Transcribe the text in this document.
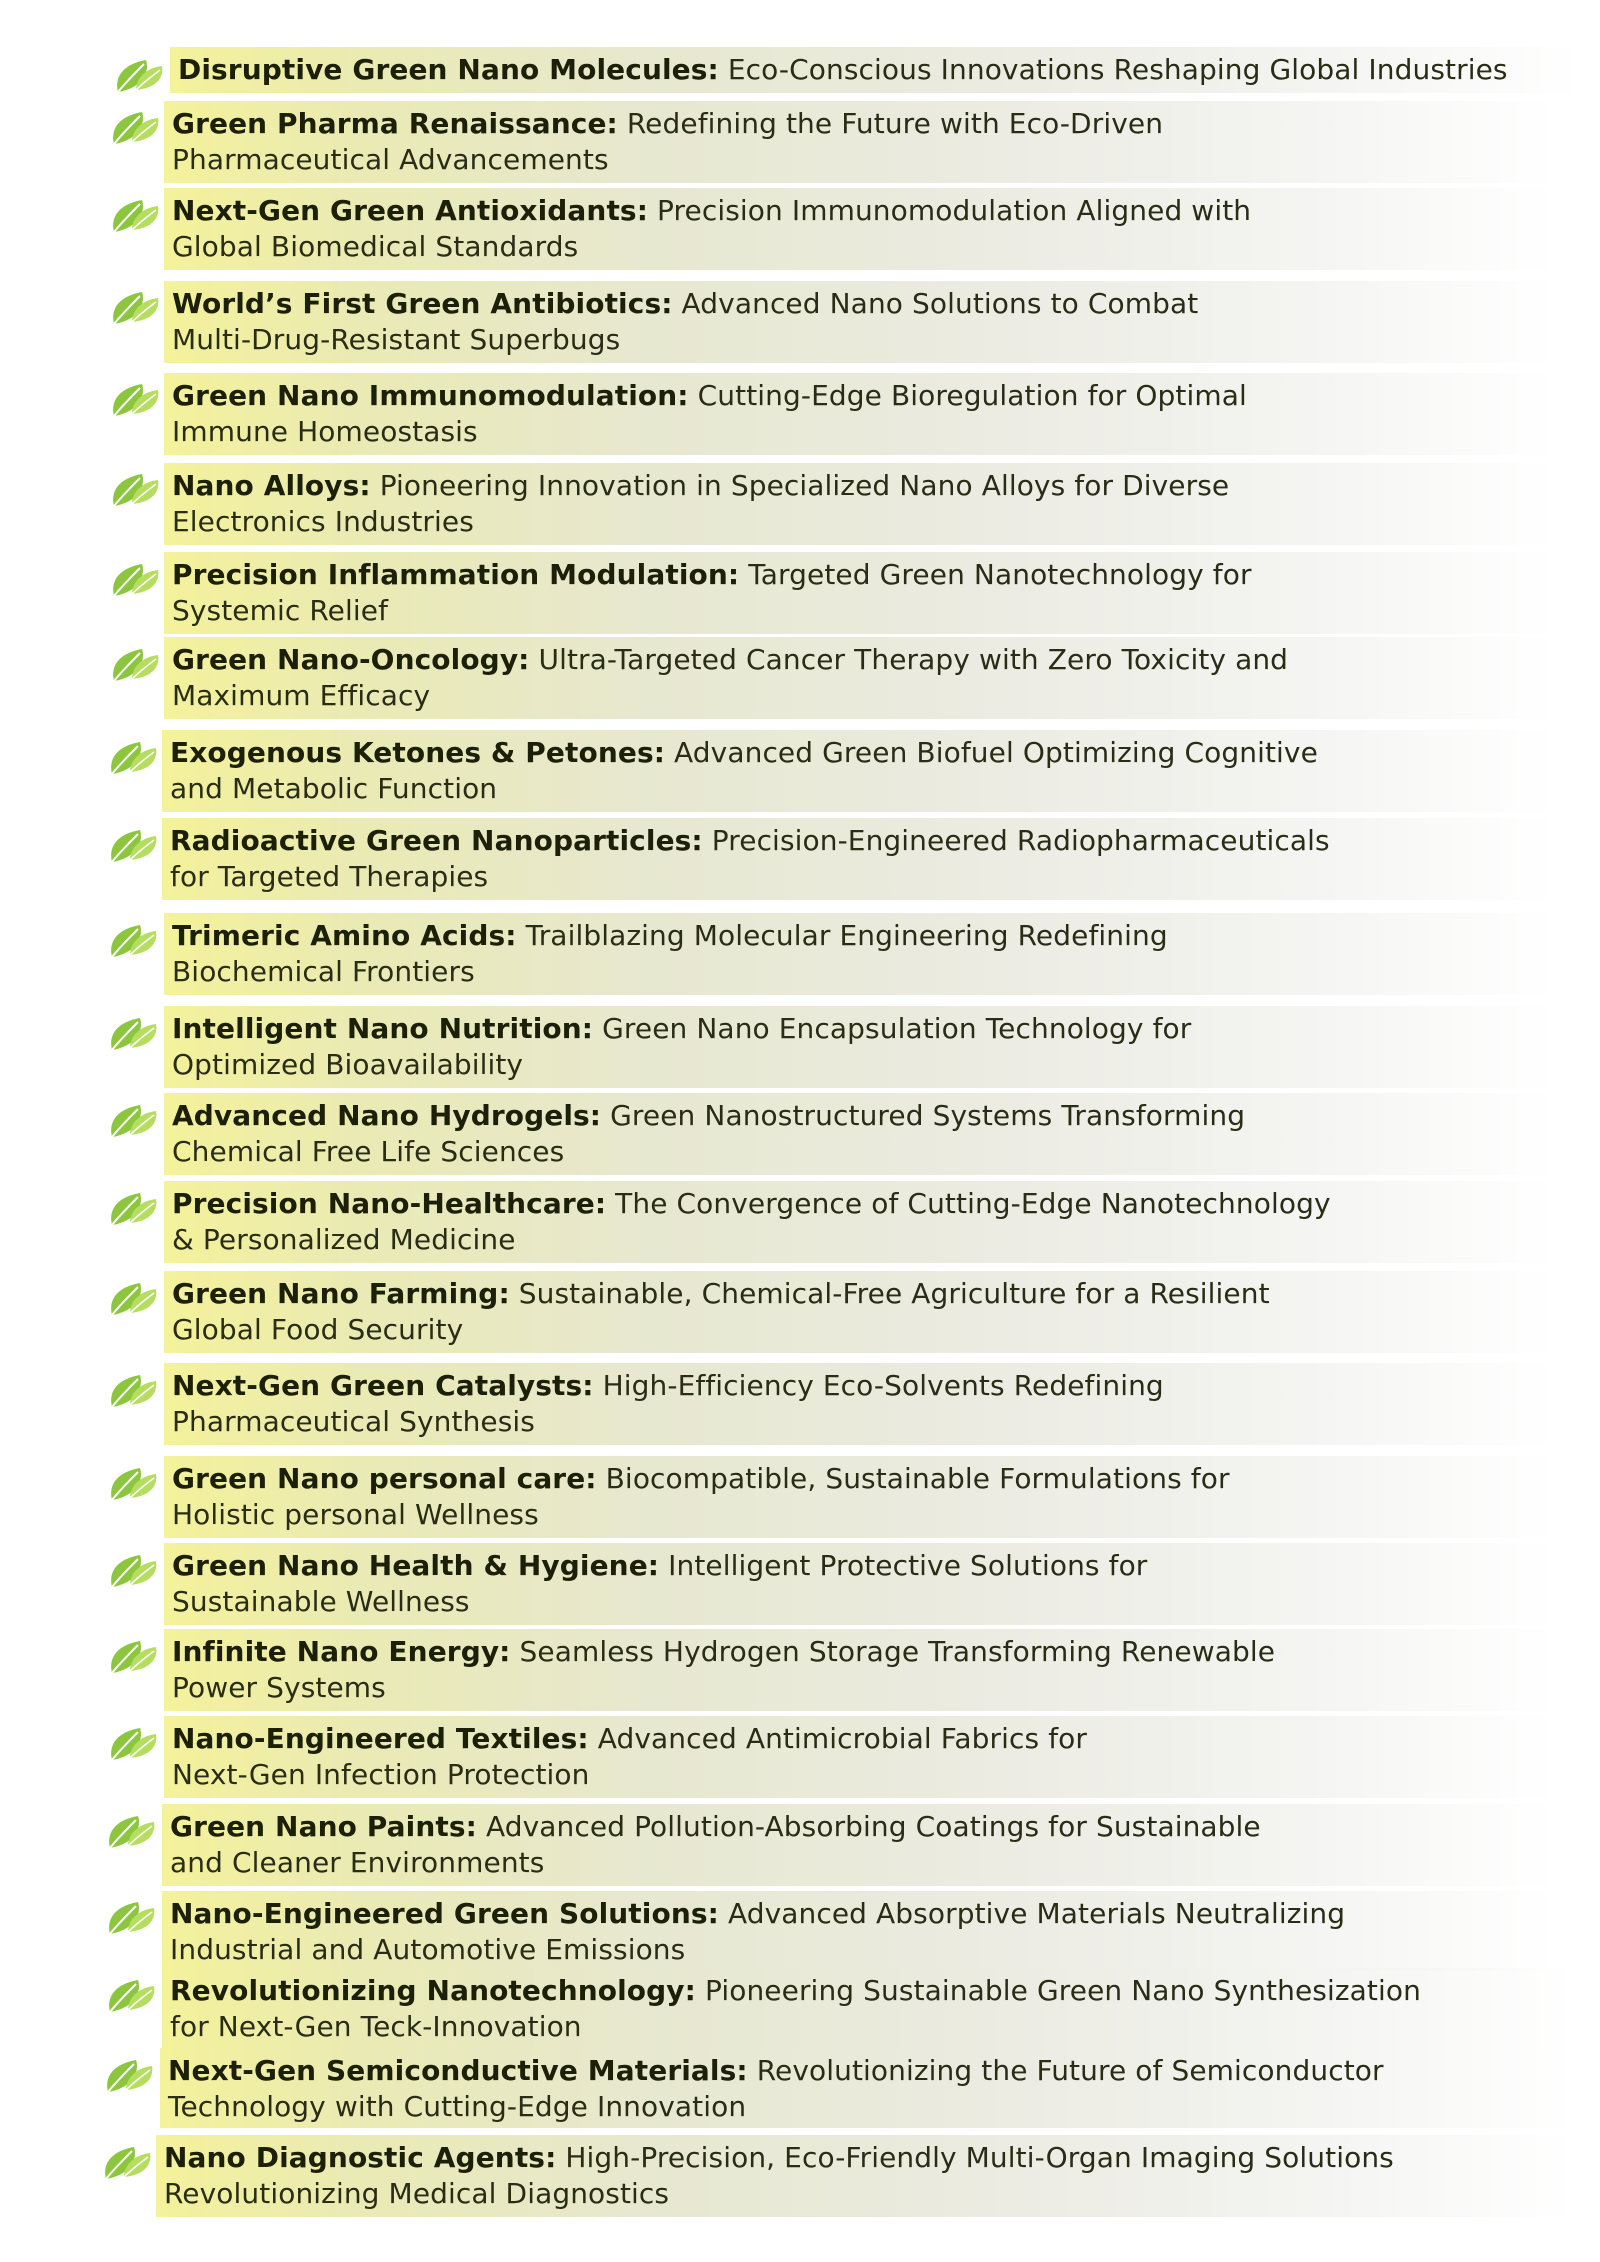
Disruptive Green Nano Molecules: Eco-Conscious Innovations Reshaping Global Industries
Green Pharma Renaissance: Redefining the Future with Eco-Driven
Pharmaceutical Advancements
Next-Gen Green Antioxidants: Precision Immunomodulation Aligned with
Global Biomedical Standards
World’s First Green Antibiotics: Advanced Nano Solutions to Combat
Multi-Drug-Resistant Superbugs
Green Nano Immunomodulation: Cutting-Edge Bioregulation for Optimal
Immune Homeostasis
Nano Alloys: Pioneering Innovation in Specialized Nano Alloys for Diverse
Electronics Industries
Precision Inflammation Modulation: Targeted Green Nanotechnology for
Systemic Relief
Green Nano-Oncology: Ultra-Targeted Cancer Therapy with Zero Toxicity and
Maximum Efficacy
Exogenous Ketones & Petones: Advanced Green Biofuel Optimizing Cognitive
and Metabolic Function
Radioactive Green Nanoparticles: Precision-Engineered Radiopharmaceuticals
for Targeted Therapies
Trimeric Amino Acids: Trailblazing Molecular Engineering Redefining
Biochemical Frontiers
Intelligent Nano Nutrition: Green Nano Encapsulation Technology for
Optimized Bioavailability
Advanced Nano Hydrogels: Green Nanostructured Systems Transforming
Chemical Free Life Sciences
Precision Nano-Healthcare: The Convergence of Cutting-Edge Nanotechnology
& Personalized Medicine
Green Nano Farming: Sustainable, Chemical-Free Agriculture for a Resilient
Global Food Security
Next-Gen Green Catalysts: High-Efficiency Eco-Solvents Redefining
Pharmaceutical Synthesis
Green Nano personal care: Biocompatible, Sustainable Formulations for
Holistic personal Wellness
Green Nano Health & Hygiene: Intelligent Protective Solutions for
Sustainable Wellness
Infinite Nano Energy: Seamless Hydrogen Storage Transforming Renewable
Power Systems
Nano-Engineered Textiles: Advanced Antimicrobial Fabrics for
Next-Gen Infection Protection
Green Nano Paints: Advanced Pollution-Absorbing Coatings for Sustainable
and Cleaner Environments
Nano-Engineered Green Solutions: Advanced Absorptive Materials Neutralizing
Industrial and Automotive Emissions
Revolutionizing Nanotechnology: Pioneering Sustainable Green Nano Synthesization
for Next-Gen Teck-Innovation
Next-Gen Semiconductive Materials: Revolutionizing the Future of Semiconductor
Technology with Cutting-Edge Innovation
Nano Diagnostic Agents: High-Precision, Eco-Friendly Multi-Organ Imaging Solutions
Revolutionizing Medical Diagnostics
